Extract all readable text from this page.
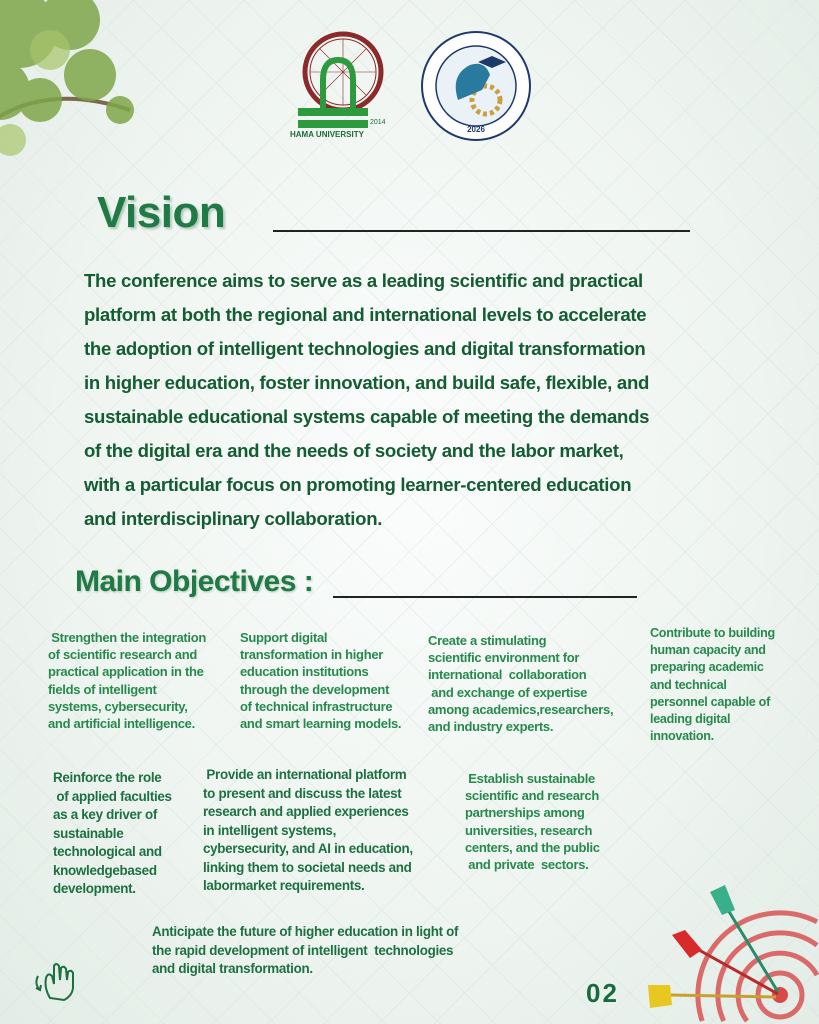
2014
HAMA UNIVERSITY
2026
Vision
The conference aims to serve as a leading scientific and practical
platform at both the regional and international levels to accelerate
the adoption of intelligent technologies and digital transformation
in higher education, foster innovation, and build safe, flexible, and
sustainable educational systems capable of meeting the demands
of the digital era and the needs of society and the labor market,
with a particular focus on promoting learner-centered education
and interdisciplinary collaboration.
Main Objectives :
Strengthen the integration
of scientific research and
practical application in the
fields of intelligent
systems, cybersecurity,
and artificial intelligence.
Support digital
transformation in higher
education institutions
through the development
of technical infrastructure
and smart learning models.
Create a stimulating
scientific environment for
international  collaboration
and exchange of expertise
among academics,researchers,
and industry experts.
Contribute to building
human capacity and
preparing academic
and technical
personnel capable of
leading digital
innovation.
Reinforce the role
of applied faculties
as a key driver of
sustainable
technological and
knowledgebased
development.
Provide an international platform
to present and discuss the latest
research and applied experiences
in intelligent systems,
cybersecurity, and AI in education,
linking them to societal needs and
labormarket requirements.
Establish sustainable
scientific and research
partnerships among
universities, research
centers, and the public
and private  sectors.
Anticipate the future of higher education in light of
the rapid development of intelligent  technologies
and digital transformation.
02
